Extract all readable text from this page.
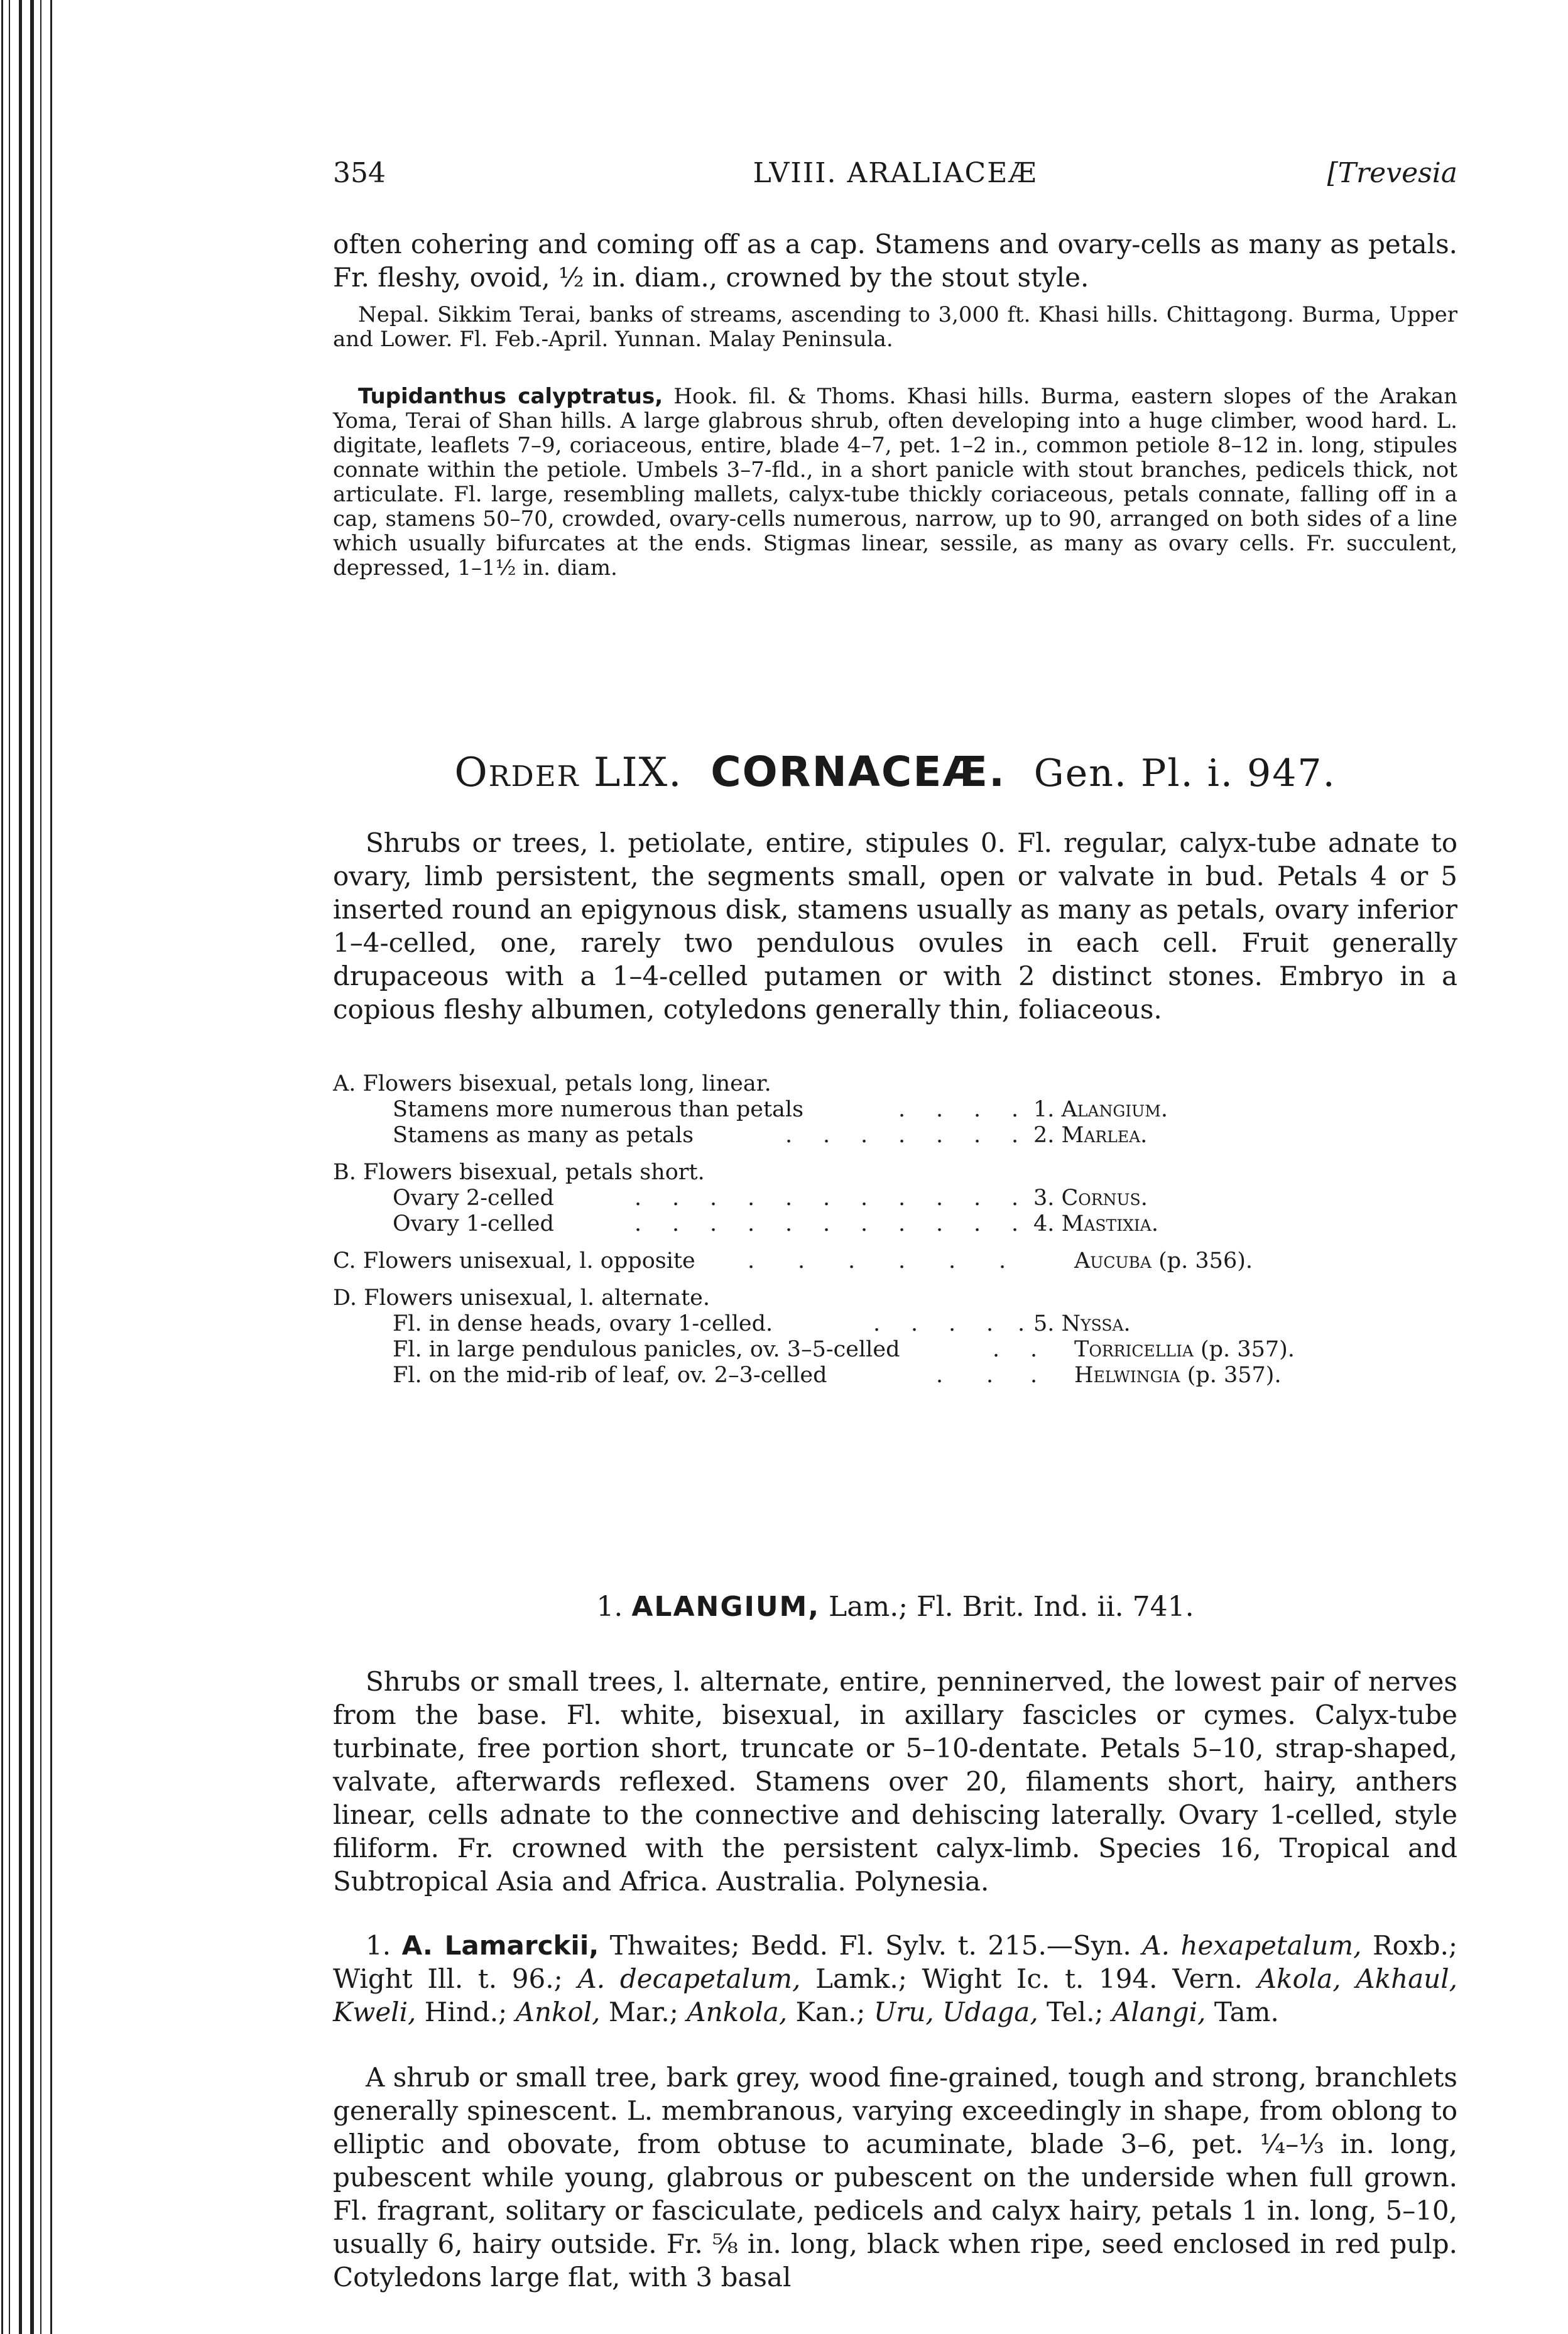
354	LVIII. ARALIACEÆ	[Trevesia

often cohering and coming off as a cap. Stamens and ovary-cells as many as petals. Fr. fleshy, ovoid, ½ in. diam., crowned by the stout style.

Nepal. Sikkim Terai, banks of streams, ascending to 3,000 ft. Khasi hills. Chittagong. Burma, Upper and Lower. Fl. Feb.-April. Yunnan. Malay Peninsula.

Tupidanthus calyptratus, Hook. fil. & Thoms. Khasi hills. Burma, eastern slopes of the Arakan Yoma, Terai of Shan hills. A large glabrous shrub, often developing into a huge climber, wood hard. L. digitate, leaflets 7–9, coriaceous, entire, blade 4–7, pet. 1–2 in., common petiole 8–12 in. long, stipules connate within the petiole. Umbels 3–7-fld., in a short panicle with stout branches, pedicels thick, not articulate. Fl. large, resembling mallets, calyx-tube thickly coriaceous, petals connate, falling off in a cap, stamens 50–70, crowded, ovary-cells numerous, narrow, up to 90, arranged on both sides of a line which usually bifurcates at the ends. Stigmas linear, sessile, as many as ovary cells. Fr. succulent, depressed, 1–1½ in. diam.

Order LIX. CORNACEÆ. Gen. Pl. i. 947.

Shrubs or trees, l. petiolate, entire, stipules 0. Fl. regular, calyx-tube adnate to ovary, limb persistent, the segments small, open or valvate in bud. Petals 4 or 5 inserted round an epigynous disk, stamens usually as many as petals, ovary inferior 1–4-celled, one, rarely two pendulous ovules in each cell. Fruit generally drupaceous with a 1–4-celled putamen or with 2 distinct stones. Embryo in a copious fleshy albumen, cotyledons generally thin, foliaceous.

A. Flowers bisexual, petals long, linear.
Stamens more numerous than petals	. . . . 1. Alangium.
Stamens as many as petals	. . . . . . . 2. Marlea.
B. Flowers bisexual, petals short.
Ovary 2-celled	. . . . . . . . . . . 3. Cornus.
Ovary 1-celled	. . . . . . . . . . . 4. Mastixia.
C. Flowers unisexual, l. opposite . . . . . .	Aucuba (p. 356).
D. Flowers unisexual, l. alternate.
Fl. in dense heads, ovary 1-celled.	. . . . . 5. Nyssa.
Fl. in large pendulous panicles, ov. 3–5-celled	. . Torricellia (p. 357).
Fl. on the mid-rib of leaf, ov. 2–3-celled	. . . Helwingia (p. 357).
1. ALANGIUM, Lam.; Fl. Brit. Ind. ii. 741.

Shrubs or small trees, l. alternate, entire, penninerved, the lowest pair of nerves from the base. Fl. white, bisexual, in axillary fascicles or cymes. Calyx-tube turbinate, free portion short, truncate or 5–10-dentate. Petals 5–10, strap-shaped, valvate, afterwards reflexed. Stamens over 20, filaments short, hairy, anthers linear, cells adnate to the connective and dehiscing laterally. Ovary 1-celled, style filiform. Fr. crowned with the persistent calyx-limb. Species 16, Tropical and Subtropical Asia and Africa. Australia. Polynesia.

1. A. Lamarckii, Thwaites; Bedd. Fl. Sylv. t. 215.—Syn. A. hexapetalum, Roxb.; Wight Ill. t. 96.; A. decapetalum, Lamk.; Wight Ic. t. 194. Vern. Akola, Akhaul, Kweli, Hind.; Ankol, Mar.; Ankola, Kan.; Uru, Udaga, Tel.; Alangi, Tam.

A shrub or small tree, bark grey, wood fine-grained, tough and strong, branchlets generally spinescent. L. membranous, varying exceedingly in shape, from oblong to elliptic and obovate, from obtuse to acuminate, blade 3–6, pet. ¼–⅓ in. long, pubescent while young, glabrous or pubescent on the underside when full grown. Fl. fragrant, solitary or fasciculate, pedicels and calyx hairy, petals 1 in. long, 5–10, usually 6, hairy outside. Fr. ⅝ in. long, black when ripe, seed enclosed in red pulp. Cotyledons large flat, with 3 basal
